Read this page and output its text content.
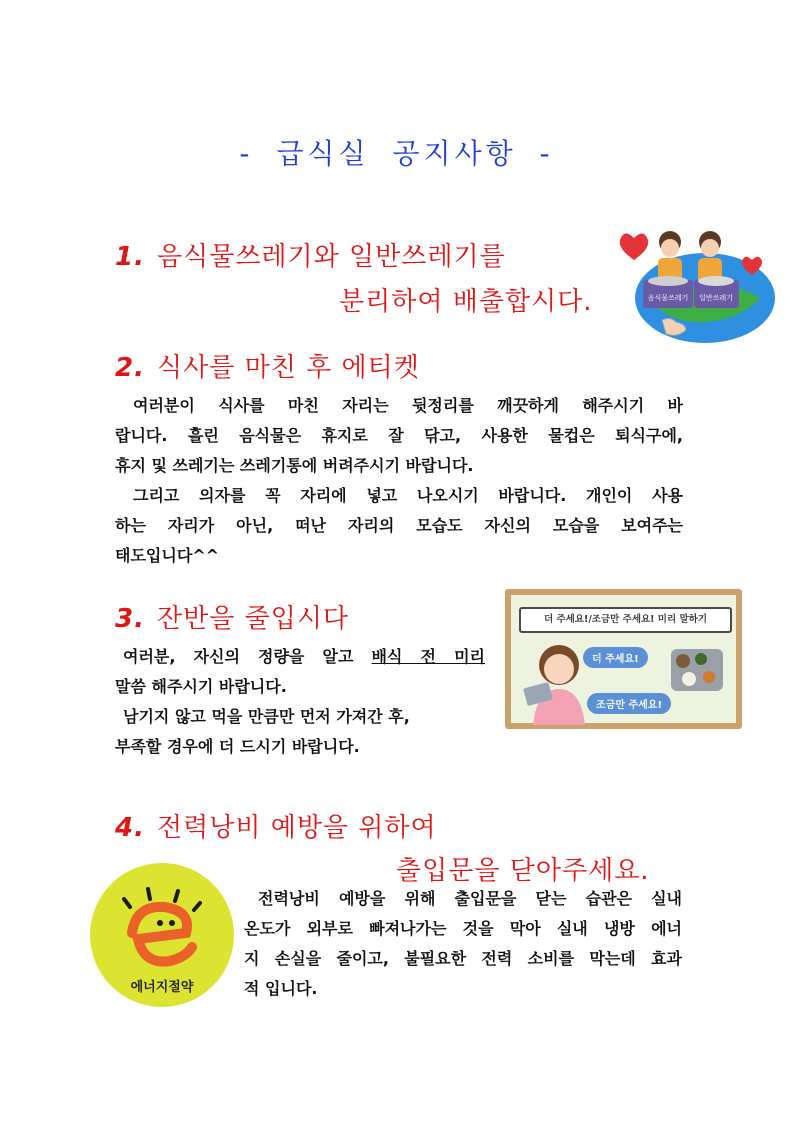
- 급식실 공지사항 -
1. 음식물쓰레기와 일반쓰레기를
분리하여 배출합시다.	음식물쓰레기 일반쓰레기
2. 식사를 마친 후 에티켓
여러분이 식사를 마친 자리는 뒷정리를 깨끗하게 해주시기 바
랍니다. 흘린 음식물은 휴지로 잘 닦고, 사용한 물컵은 퇴식구에,
휴지 및 쓰레기는 쓰레기통에 버려주시기 바랍니다.
그리고 의자를 꼭 자리에 넣고 나오시기 바랍니다. 개인이 사용
하는 자리가 아닌, 떠난 자리의 모습도 자신의 모습을 보여주는
태도입니다^^
3. 잔반을 줄입시다
여러분, 자신의 정량을 알고 배식 전 미리
말씀 해주시기 바랍니다.
남기지 않고 먹을 만큼만 먼저 가져간 후,
부족할 경우에 더 드시기 바랍니다.
더 주세요!/조금만 주세요! 미리 말하기
더 주세요!
조금만 주세요!
4. 전력낭비 예방을 위하여
출입문을 닫아주세요.
에너지절약
전력낭비 예방을 위해 출입문을 닫는 습관은 실내
온도가 외부로 빠져나가는 것을 막아 실내 냉방 에너
지 손실을 줄이고, 불필요한 전력 소비를 막는데 효과
적 입니다.
